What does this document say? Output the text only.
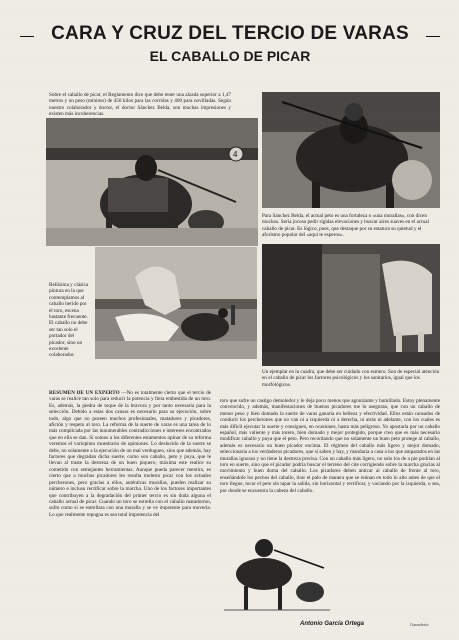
CARA Y CRUZ DEL TERCIO DE VARAS
EL CABALLO DE PICAR
Sobre el caballo de picar, el Reglamento dice que debe tener una alzada superior a 1,47 metros y un peso (mínimo) de 450 kilos para las corridas y 400 para novilladas. Según nuestro colaborador y doctor, el doctor Sánchez Belda, son muchas impresiones y existen más incoherencias.
4
Para Sánchez Belda, el actual peto es una fortaleza o «una murallas», con dicen muchos. Sería jocoso pedir rígidas elevaciones y buscar aires suaves en el actual caballo de picar. Es lógico, pues, que destaque por su estatura su quietud y el aforismo popular del «aquí te esperos».
Bellísima y clásica pintura en la que contemplamos al caballo herido por el toro, escena bastante frecuente. El caballo no debe ser tan solo el portador del picador, sino un excelente colaborador.
Un ejemplar en la cuadra, que debe ser cuidado con esmero. Son de especial atención en el caballo de picar los factores psicológicos y los sanitarios, igual que los morfológicos.
RESUMEN DE UN EXPERTO —No es totalmente cierto que el tercio de varas se realice tan solo para reducir la potencia y fiera embestida de un toro. Es, además, la piedra de toque de la bravura y por tanto necesaria para la selección. Debido a estas dos causas es necesario para su ejecución, sobre todo, algo que no poseen muchos profesionales, matadores y picadores, afición y respeto al toro. La reforma de la suerte de varas es una tarea de lo más complicada por las innumerables contradicciones e intereses encontrados que en ella se dan. Si somos a los diferentes estamentos opinar de su reforma veremos el variopinto muestrario de opiniones. Lo deslucido de la suerte se debe, no solamente a la ejecución de un mal verdugueo, sino que además, hay factores que degradan dicha suerte, como son caballo, peto y puya, que le llevan al traste la destreza de un buen piquero, máxima este realice su cometido con semejantes herramientas. Aunque pueda parecer mentira, es cierto que a muchos picadores les resulta molesto picar con los actuales percherones, pero gracias a ellos, auténticas murallas, pueden realizar su número e incluso rectificar sobre la marcha. Uno de los factores importantes que contribuyen a la degradación del primer tercio es sin duda alguna el caballo actual de picar. Cuando un toro se estrella con el caballo matadormo, sufre como si se estrellara con una muralla y se ve impotente para moverla. Lo que realmente repugna es sea total impotencia del
toro que sufre un castigo demoledor y le deja poco menos que agonizante y humillado. Estoy plenamente convencido, y además, manifestaciones de buenos picadores me lo aseguran, que con un caballo de menor peso y bien domado la suerte de varas ganaría en belleza y efectividad. Ellos están cansados de conducir los percherones que no van ni a izquierda ni a derecha, ni atrás ni adelante, con los cuales es más difícil ejecutar la suerte y consiguen, en ocasiones, hasta más peligroso. Yo apostaría por un caballo español, más valiente y más torero, bien domado y mejor protegido, porque creo que es más necesario modificar caballo y puya que el peto. Pero recordando que no solamente un buen peto protege al caballo, además es necesario un buen picador encima. El régimen del caballo más ligero y mejor domado, seleccionaría a los verdaderos picadores, que sí saben y hay, y mandaría a casa a los que amparados en las murallas ignoran y no tiene la destreza precisa. Con un caballo más ligero, no solo los de a pie podrían al toro en suerte, sino que el picador podría buscar el terreno del cite corrigiendo sobre la marcha gracias al movimiento y buen doma del caballo. Los picadores deben anticar al caballo de frente al toro, enseñándole los pechos del caballo, tirar el palo de manera que se reúnan en todo lo alto antes de que el toro llegue, tocar el peto sin tapar la salida, sin horizontal y rectificar, y vaciando por la izquierda, o sea, por donde se encuentra la cabeza del caballo.
Antonio García Ortega	Ganadería
